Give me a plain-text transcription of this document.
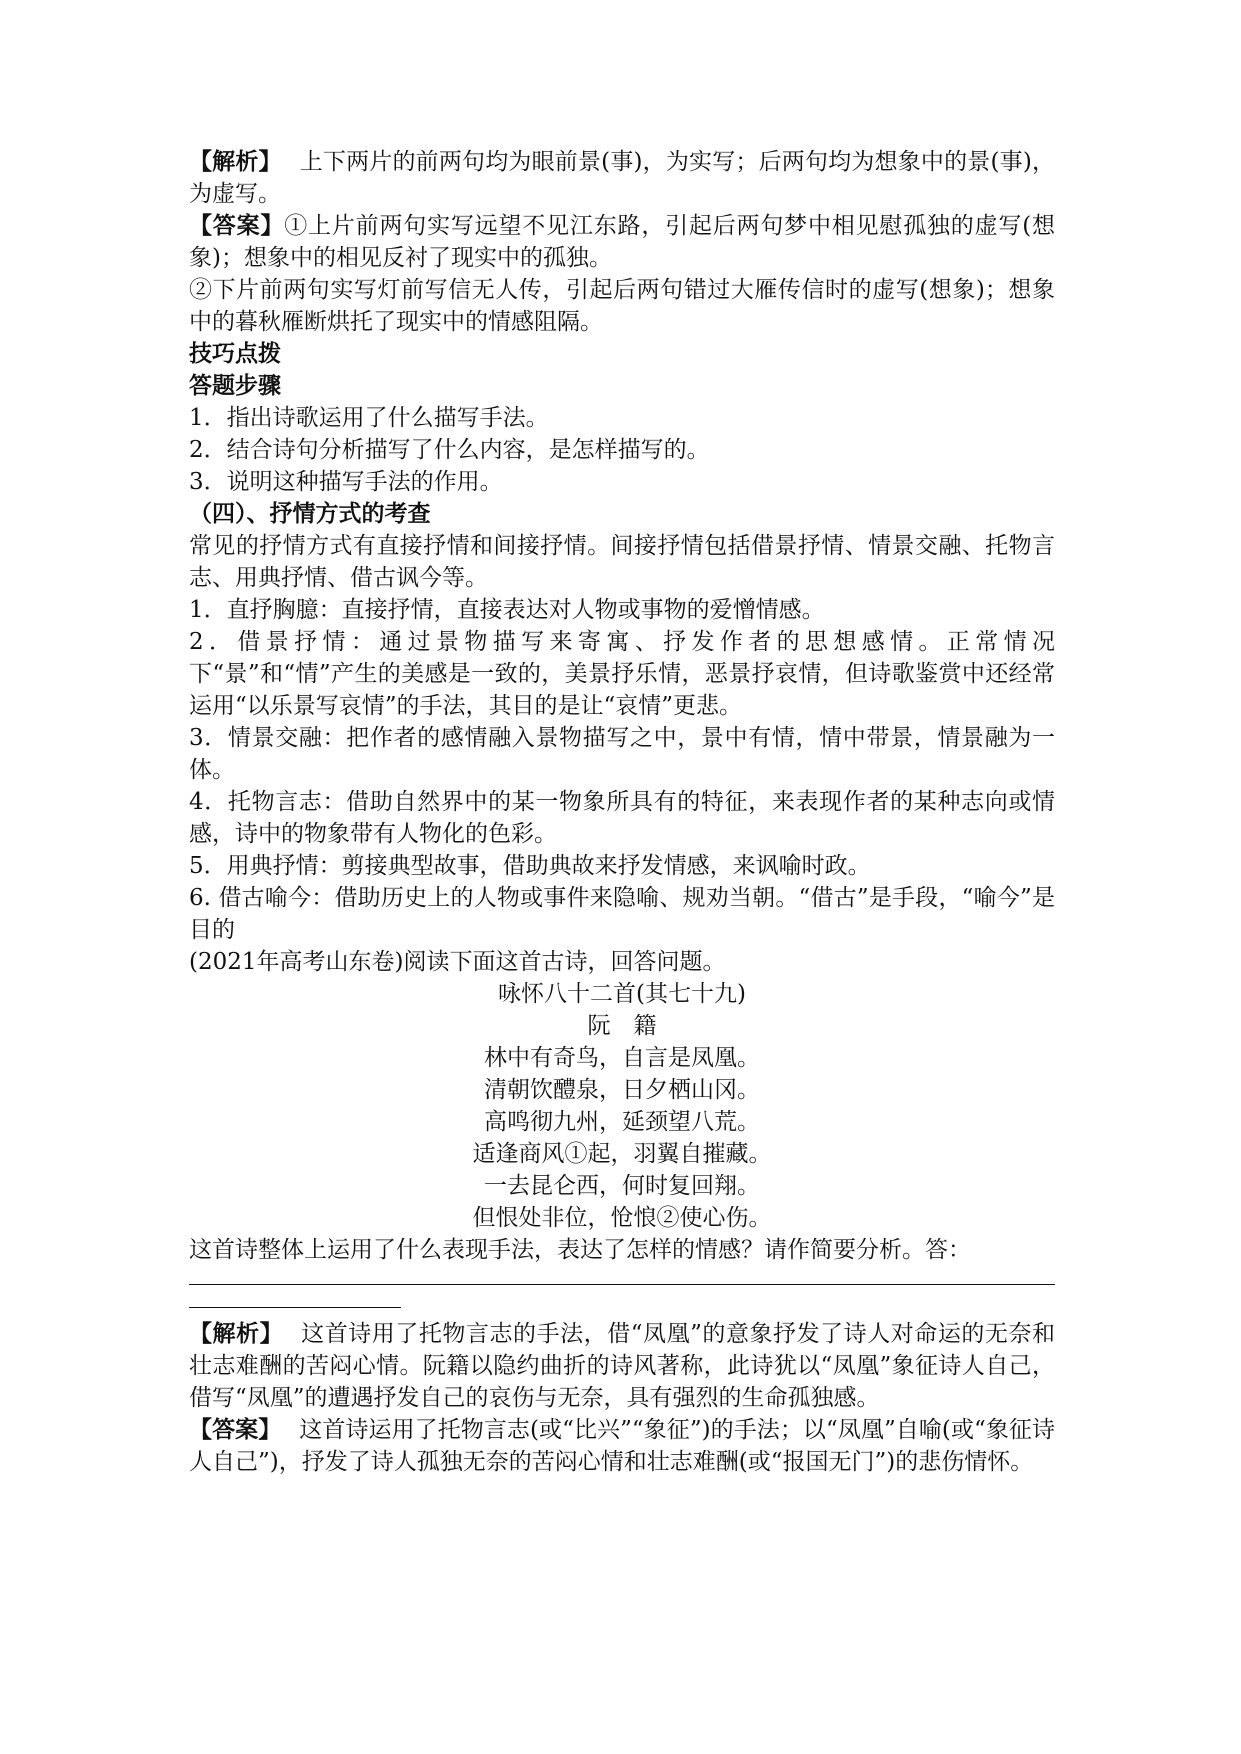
【解析】 上下两片的前两句均为眼前景(事)，为实写；后两句均为想象中的景(事)，为虚写。

【答案】①上片前两句实写远望不见江东路，引起后两句梦中相见慰孤独的虚写(想象)；想象中的相见反衬了现实中的孤独。

②下片前两句实写灯前写信无人传，引起后两句错过大雁传信时的虚写(想象)；想象中的暮秋雁断烘托了现实中的情感阻隔。

技巧点拨

答题步骤

1．指出诗歌运用了什么描写手法。

2．结合诗句分析描写了什么内容，是怎样描写的。

3．说明这种描写手法的作用。

（四）、抒情方式的考查

常见的抒情方式有直接抒情和间接抒情。间接抒情包括借景抒情、情景交融、托物言志、用典抒情、借古讽今等。

1．直抒胸臆：直接抒情，直接表达对人物或事物的爱憎情感。

2．借景抒情：通过景物描写来寄寓、抒发作者的思想感情。正常情况下“景”和“情”产生的美感是一致的，美景抒乐情，恶景抒哀情，但诗歌鉴赏中还经常运用“以乐景写哀情”的手法，其目的是让“哀情”更悲。

3．情景交融：把作者的感情融入景物描写之中，景中有情，情中带景，情景融为一体。

4．托物言志：借助自然界中的某一物象所具有的特征，来表现作者的某种志向或情感，诗中的物象带有人物化的色彩。

5．用典抒情：剪接典型故事，借助典故来抒发情感，来讽喻时政。

6. 借古喻今：借助历史上的人物或事件来隐喻、规劝当朝。“借古”是手段，“喻今”是目的

(2021年高考山东卷)阅读下面这首古诗，回答问题。

咏怀八十二首(其七十九)

阮　籍

林中有奇鸟，自言是凤凰。

清朝饮醴泉，日夕栖山冈。

高鸣彻九州，延颈望八荒。

适逢商风①起，羽翼自摧藏。

一去昆仑西，何时复回翔。

但恨处非位，怆悢②使心伤。

这首诗整体上运用了什么表现手法，表达了怎样的情感？请作简要分析。答：

【解析】 这首诗用了托物言志的手法，借“凤凰”的意象抒发了诗人对命运的无奈和壮志难酬的苦闷心情。阮籍以隐约曲折的诗风著称，此诗犹以“凤凰”象征诗人自己，借写“凤凰”的遭遇抒发自己的哀伤与无奈，具有强烈的生命孤独感。

【答案】 这首诗运用了托物言志(或“比兴”“象征”)的手法；以“凤凰”自喻(或“象征诗人自己”)，抒发了诗人孤独无奈的苦闷心情和壮志难酬(或“报国无门”)的悲伤情怀。
